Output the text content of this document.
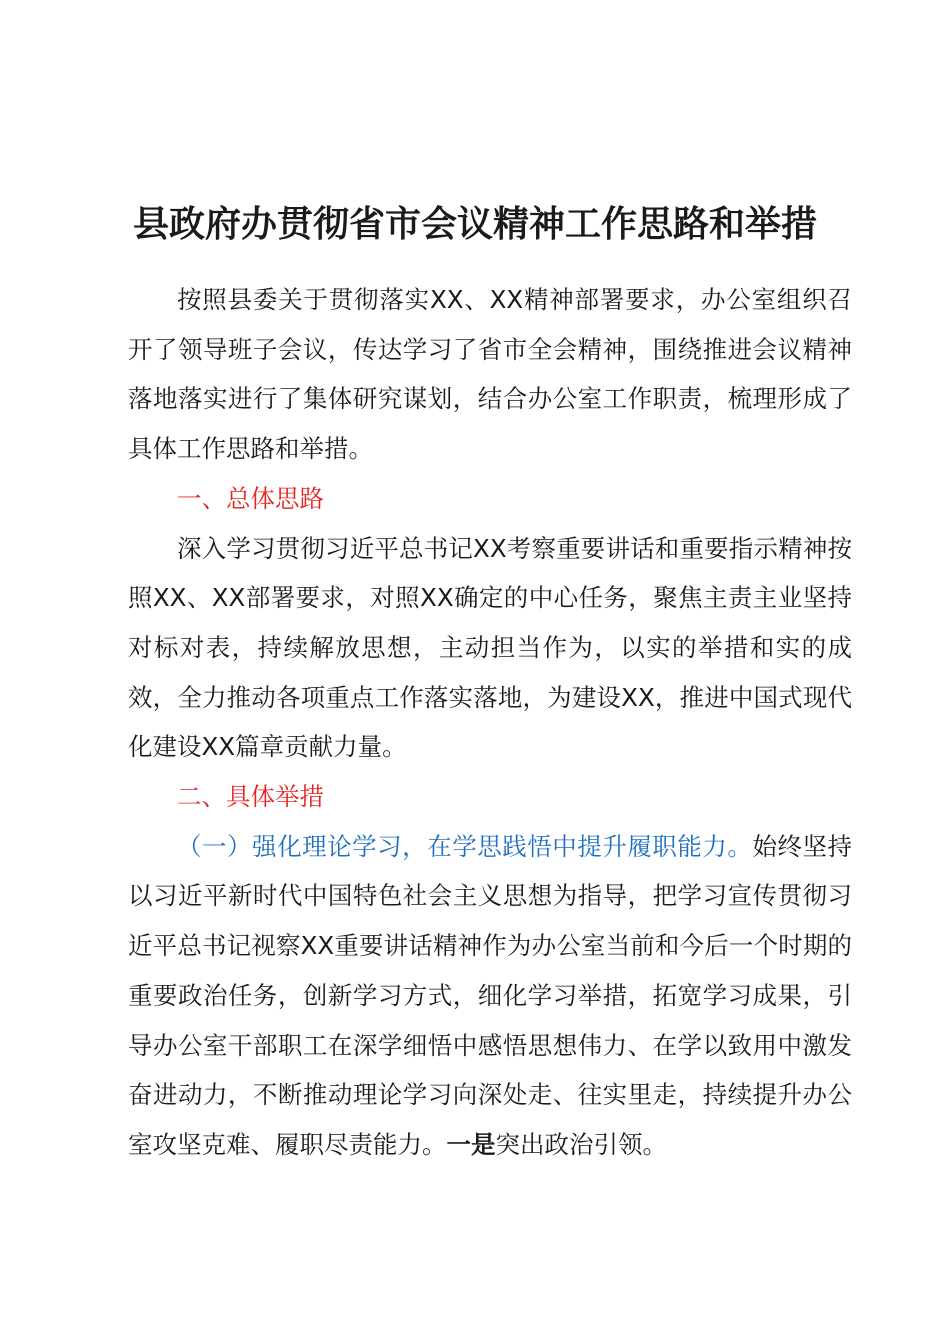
县政府办贯彻省市会议精神工作思路和举措

按照县委关于贯彻落实XX、XX精神部署要求，办公室组织召开了领导班子会议，传达学习了省市全会精神，围绕推进会议精神落地落实进行了集体研究谋划，结合办公室工作职责，梳理形成了具体工作思路和举措。

一、总体思路

深入学习贯彻习近平总书记XX考察重要讲话和重要指示精神按照XX、XX部署要求，对照XX确定的中心任务，聚焦主责主业坚持对标对表，持续解放思想，主动担当作为，以实的举措和实的成效，全力推动各项重点工作落实落地，为建设XX，推进中国式现代化建设XX篇章贡献力量。

二、具体举措

（一）强化理论学习，在学思践悟中提升履职能力。始终坚持以习近平新时代中国特色社会主义思想为指导，把学习宣传贯彻习近平总书记视察XX重要讲话精神作为办公室当前和今后一个时期的重要政治任务，创新学习方式，细化学习举措，拓宽学习成果，引导办公室干部职工在深学细悟中感悟思想伟力、在学以致用中激发奋进动力，不断推动理论学习向深处走、往实里走，持续提升办公室攻坚克难、履职尽责能力。一是突出政治引领。
